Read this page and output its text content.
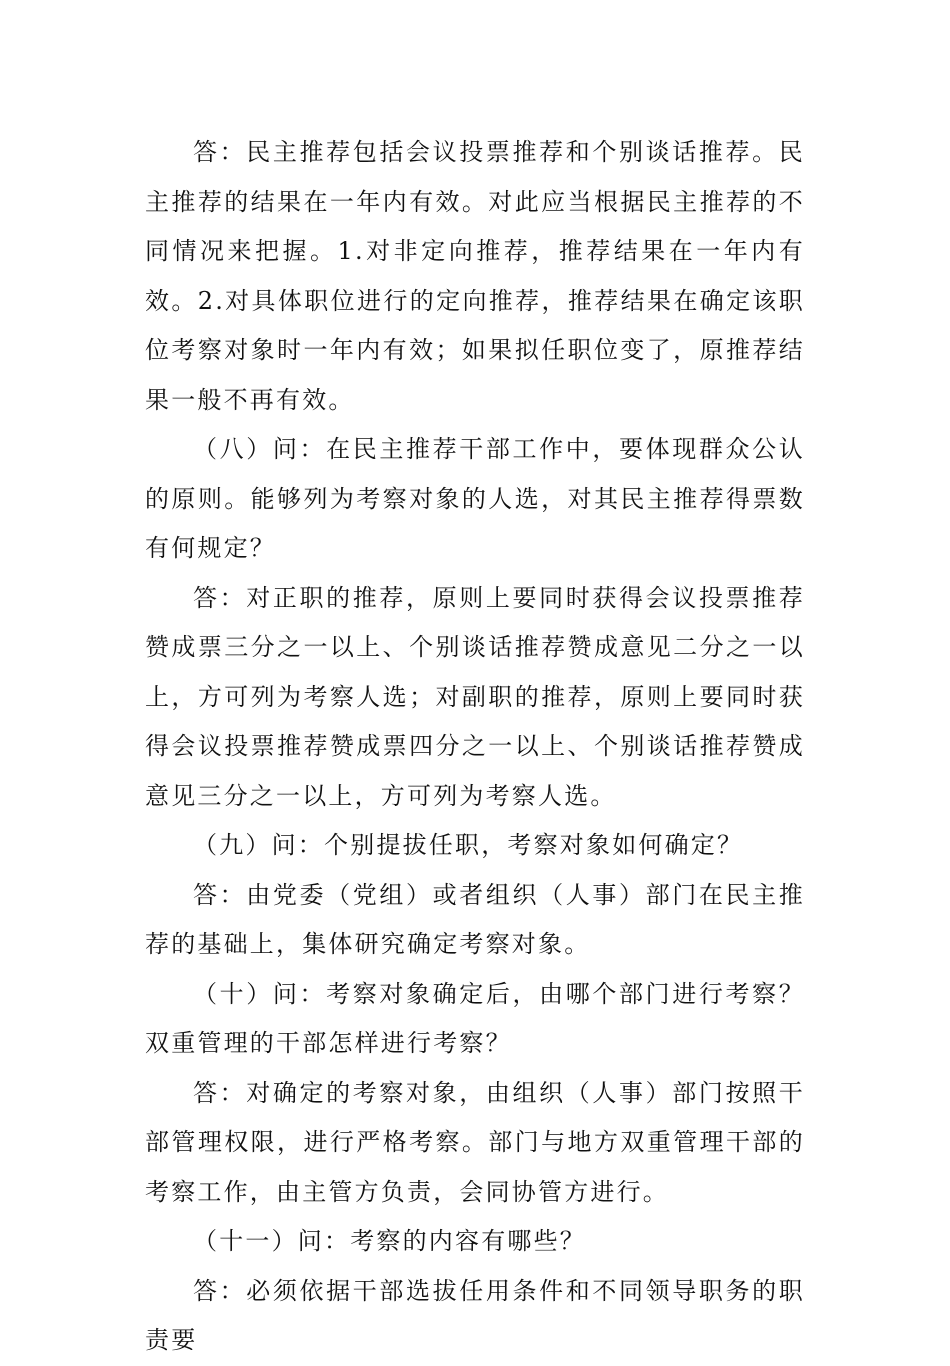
答：民主推荐包括会议投票推荐和个别谈话推荐。民主推荐的结果在一年内有效。对此应当根据民主推荐的不同情况来把握。1.对非定向推荐，推荐结果在一年内有效。2.对具体职位进行的定向推荐，推荐结果在确定该职位考察对象时一年内有效；如果拟任职位变了，原推荐结果一般不再有效。

（八）问：在民主推荐干部工作中，要体现群众公认的原则。能够列为考察对象的人选，对其民主推荐得票数有何规定？

答：对正职的推荐，原则上要同时获得会议投票推荐赞成票三分之一以上、个别谈话推荐赞成意见二分之一以上，方可列为考察人选；对副职的推荐，原则上要同时获得会议投票推荐赞成票四分之一以上、个别谈话推荐赞成意见三分之一以上，方可列为考察人选。

（九）问：个别提拔任职，考察对象如何确定？

答：由党委（党组）或者组织（人事）部门在民主推荐的基础上，集体研究确定考察对象。

（十）问：考察对象确定后，由哪个部门进行考察？双重管理的干部怎样进行考察？

答：对确定的考察对象，由组织（人事）部门按照干部管理权限，进行严格考察。部门与地方双重管理干部的考察工作，由主管方负责，会同协管方进行。

（十一）问：考察的内容有哪些？

答：必须依据干部选拔任用条件和不同领导职务的职责要
